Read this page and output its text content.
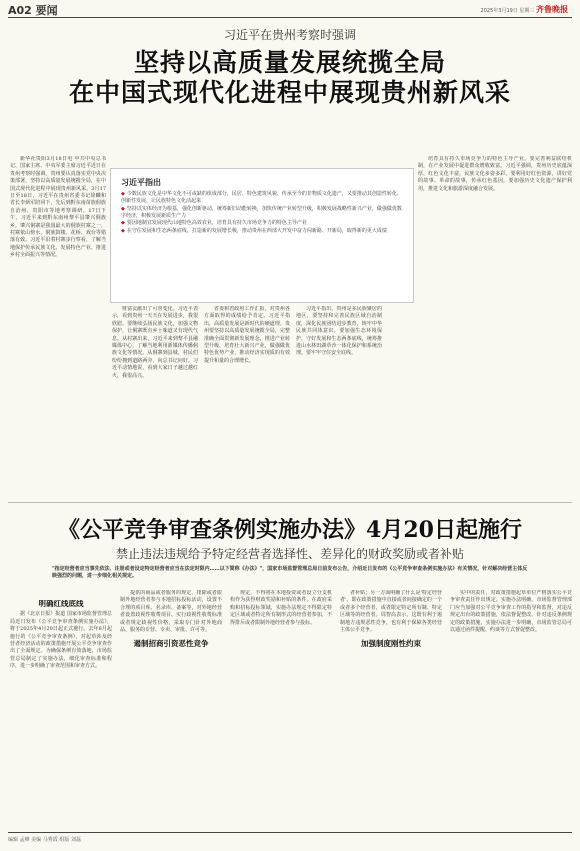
A02 要闻	2025年3月19日 星期三 齐鲁晚报
习近平在贵州考察时强调
坚持以高质量发展统揽全局
在中国式现代化进程中展现贵州新风采

新华社贵阳3月18日电 中共中央总书记、国家主席、中央军委主席习近平近日在贵州考察时强调，贵州要认真落实党中央决策部署，坚持以高质量发展统揽全局，在中国式现代化进程中展现贵州新风采。3月17日至18日，习近平在贵州省委书记徐麟和省长李炳军陪同下，先后到黔东南苗族侗族自治州、贵阳市等地考察调研。17日下午，习近平来到黔东南州黎平县肇兴侗族乡。肇兴侗寨是我国最大的侗族村寨之一，村寨依山傍水，侗族鼓楼、花桥、戏台等错落有致。习近平沿着村寨步行察看，了解当地保护传承民族文化、发展特色产业、推进乡村全面振兴等情况。

习近平指出
◆ 少数民族文化是中华文化不可或缺的组成部分，民居、特色建筑风貌、传承至今的非物质文化遗产，又要推动其创造性转化、创新性发展，让民族特色文化活起来
◆ 坚持以实体经济为根基，强化创新驱动，统筹新旧动能转换，加快传统产业转型升级，积极发展战略性新兴产业，做强做优数字经济，积极发展新质生产力
◆ 要因地制宜发展现代山地特色高效农业，培育具有持久市场竞争力的特色主导产业
◆ 在守住发展和生态两条底线，打造新的发展增长极，推动贵州在西部大开发中奋力闯新路、开新局，取得新的更大成绩

财富贡献出了可喜变化。习近平表示，看到贵州一天天在发展进步，我很欣慰。要继续弘扬民族文化，加强文物保护，让侗寨既有乡土味道又有现代气息。从村寨出来，习近平来到黎平县融媒体中心，了解当地利用新媒体传播侗族文化等情况。从侗寨到县城，村民们纷纷拥到道路两旁，向总书记问好。习近平动情地说，看到大家日子越过越红火，我很高兴。

省委和省政府工作汇报，对贵州各方面取得的成绩给予肯定。习近平指出，高质量发展是新时代的硬道理。贵州要坚持以高质量发展统揽全局，完整准确全面贯彻新发展理念，推进产业转型升级，培育壮大新兴产业，做强做优特色优势产业，推动经济实现质的有效提升和量的合理增长。

习近平指出，贵州是多民族聚居的地区，要坚持和完善民族区域自治制度，深化民族团结进步教育，铸牢中华民族共同体意识。要加强生态环境保护，守好发展和生态两条底线，统筹推进山水林田湖草沙一体化保护和系统治理。要牢牢守住安全底线。

培育具有持久市场竞争力的特色主导产业。要完善利益联结机制，在产业发展中促进群众增收致富。习近平强调，贵州历史底蕴深厚，红色文化丰富，民族文化多姿多彩。要利用好红色资源，讲好党的故事、革命的故事，传承红色基因。要加强历史文化遗产保护利用，推进文化和旅游深度融合发展。

《公平竞争审查条例实施办法》4月20日起施行
禁止违法违规给予特定经营者选择性、差异化的财政奖励或者补贴
"指定经营者应当事先依法、注册或者设定特定经营者应当在法定时限内……以下简称《办法》"，国家市场监督管理总局日前发布公告，介绍近日发布的《公平竞争审查条例实施办法》有关情况，针对解决经营主体反映强烈的问题，进一步细化相关规定。
明确红线底线

据《北京日报》报道 国家市场监督管理总局近日发布《公平竞争审查条例实施办法》，将于2025年4月20日起正式施行。去年8月起施行的《公平竞争审查条例》，对起草涉及经营者经济活动的政策措施开展公平竞争审查作出了全面规定。为确保条例有效落地，市场监管总局制定了实施办法，细化审查标准和程序，进一步明确了审查范围和审查方式。

提供的商品或者服务的规定，排除或者限制外地经营者参与本地招标投标活动，设置不合理的项目库、名录库、备案等，对外地经营者设置歧视性收费项目、实行歧视性收费标准或者规定歧视性价格，采取专门针对外地商品、服务的专营、专卖、审批、许可等。

遏制招商引资恶性竞争

规定，不得将在本地投资或者设立分支机构作为获得财政奖励和补贴的条件。在政府采购和招标投标领域，实施办法规定不得限定特定区域或者特定所有制形式的经营者参加，不得排斥或者限制外地经营者参与投标。

者补贴；另一方面明确了什么是'特定经营者'，即在政策措施中直接或者间接确定的一个或者多个经营者，或者限定特定所有制、特定区域等的经营者。周智高表示，这既有利于遏制地方违规恶性竞争，也有利于保障各类经营主体公平竞争。

加强制度刚性约束

实中的责任，对政策措施起草单位严格落实公平竞争审查责任作出规定。实施办法明确，市场监督管理部门应当加强对公平竞争审查工作的指导和监督，对违反规定出台的政策措施，依法督促整改。针对违反条例规定的政策措施，实施办法进一步明确，市场监管总局可以通过函件提醒、约谈等方式督促整改。

编辑 孟峰 美编 马秀霞 组版 刘磊
